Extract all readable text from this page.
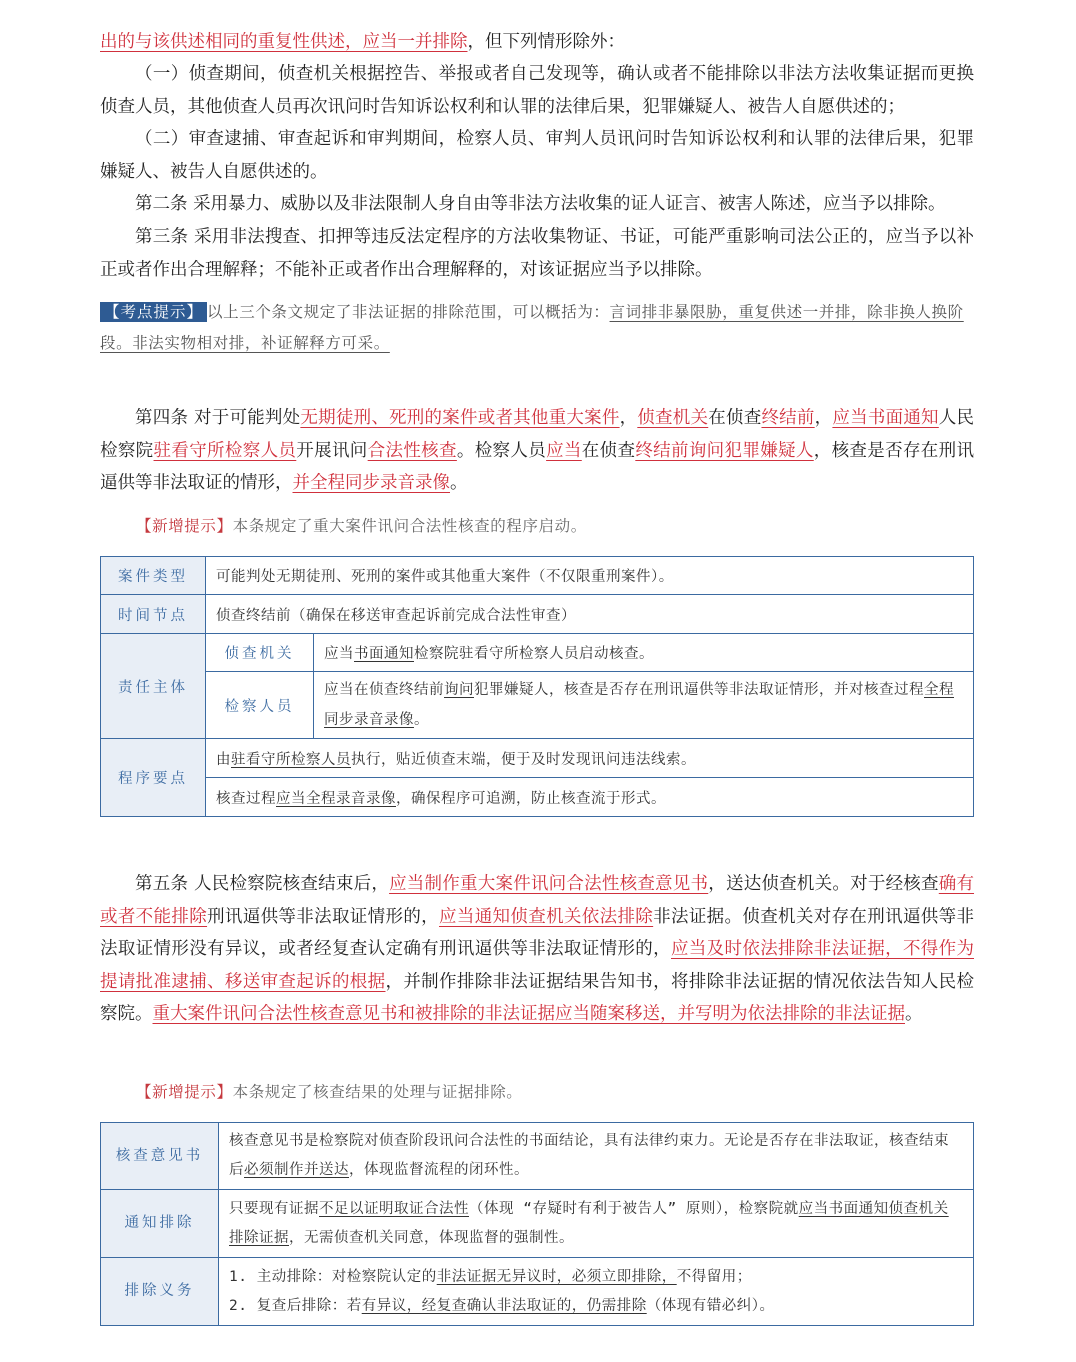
出的与该供述相同的重复性供述，应当一并排除，但下列情形除外：

（一）侦查期间，侦查机关根据控告、举报或者自己发现等，确认或者不能排除以非法方法收集证据而更换侦查人员，其他侦查人员再次讯问时告知诉讼权利和认罪的法律后果，犯罪嫌疑人、被告人自愿供述的；

（二）审查逮捕、审查起诉和审判期间，检察人员、审判人员讯问时告知诉讼权利和认罪的法律后果，犯罪嫌疑人、被告人自愿供述的。

第二条 采用暴力、威胁以及非法限制人身自由等非法方法收集的证人证言、被害人陈述，应当予以排除。

第三条 采用非法搜查、扣押等违反法定程序的方法收集物证、书证，可能严重影响司法公正的，应当予以补正或者作出合理解释；不能补正或者作出合理解释的，对该证据应当予以排除。

【考点提示】 以上三个条文规定了非法证据的排除范围，可以概括为：言词排非暴限胁，重复供述一并排，除非换人换阶段。非法实物相对排，补证解释方可采。

第四条 对于可能判处无期徒刑、死刑的案件或者其他重大案件，侦查机关在侦查终结前，应当书面通知人民检察院驻看守所检察人员开展讯问合法性核查。检察人员应当在侦查终结前询问犯罪嫌疑人，核查是否存在刑讯逼供等非法取证的情形，并全程同步录音录像。

【新增提示】本条规定了重大案件讯问合法性核查的程序启动。

案件类型	可能判处无期徒刑、死刑的案件或其他重大案件（不仅限重刑案件）。	
时间节点	侦查终结前（确保在移送审查起诉前完成合法性审查）	
责任主体	侦查机关	应当书面通知检察院驻看守所检察人员启动核查。
	检察人员	应当在侦查终结前询问犯罪嫌疑人，核查是否存在刑讯逼供等非法取证情形，并对核查过程全程同步录音录像。
程序要点	由驻看守所检察人员执行，贴近侦查末端，便于及时发现讯问违法线索。	
	核查过程应当全程录音录像，确保程序可追溯，防止核查流于形式。	

第五条 人民检察院核查结束后，应当制作重大案件讯问合法性核查意见书，送达侦查机关。对于经核查确有或者不能排除刑讯逼供等非法取证情形的，应当通知侦查机关依法排除非法证据。侦查机关对存在刑讯逼供等非法取证情形没有异议，或者经复查认定确有刑讯逼供等非法取证情形的，应当及时依法排除非法证据，不得作为提请批准逮捕、移送审查起诉的根据，并制作排除非法证据结果告知书，将排除非法证据的情况依法告知人民检察院。重大案件讯问合法性核查意见书和被排除的非法证据应当随案移送，并写明为依法排除的非法证据。

【新增提示】本条规定了核查结果的处理与证据排除。

核查意见书	核查意见书是检察院对侦查阶段讯问合法性的书面结论，具有法律约束力。无论是否存在非法取证，核查结束后必须制作并送达，体现监督流程的闭环性。
通知排除	只要现有证据不足以证明取证合法性（体现 “存疑时有利于被告人” 原则），检察院就应当书面通知侦查机关排除证据，无需侦查机关同意，体现监督的强制性。
排除义务	1. 主动排除：对检察院认定的非法证据无异议时，必须立即排除，不得留用；
2. 复查后排除：若有异议，经复查确认非法取证的，仍需排除（体现有错必纠）。
